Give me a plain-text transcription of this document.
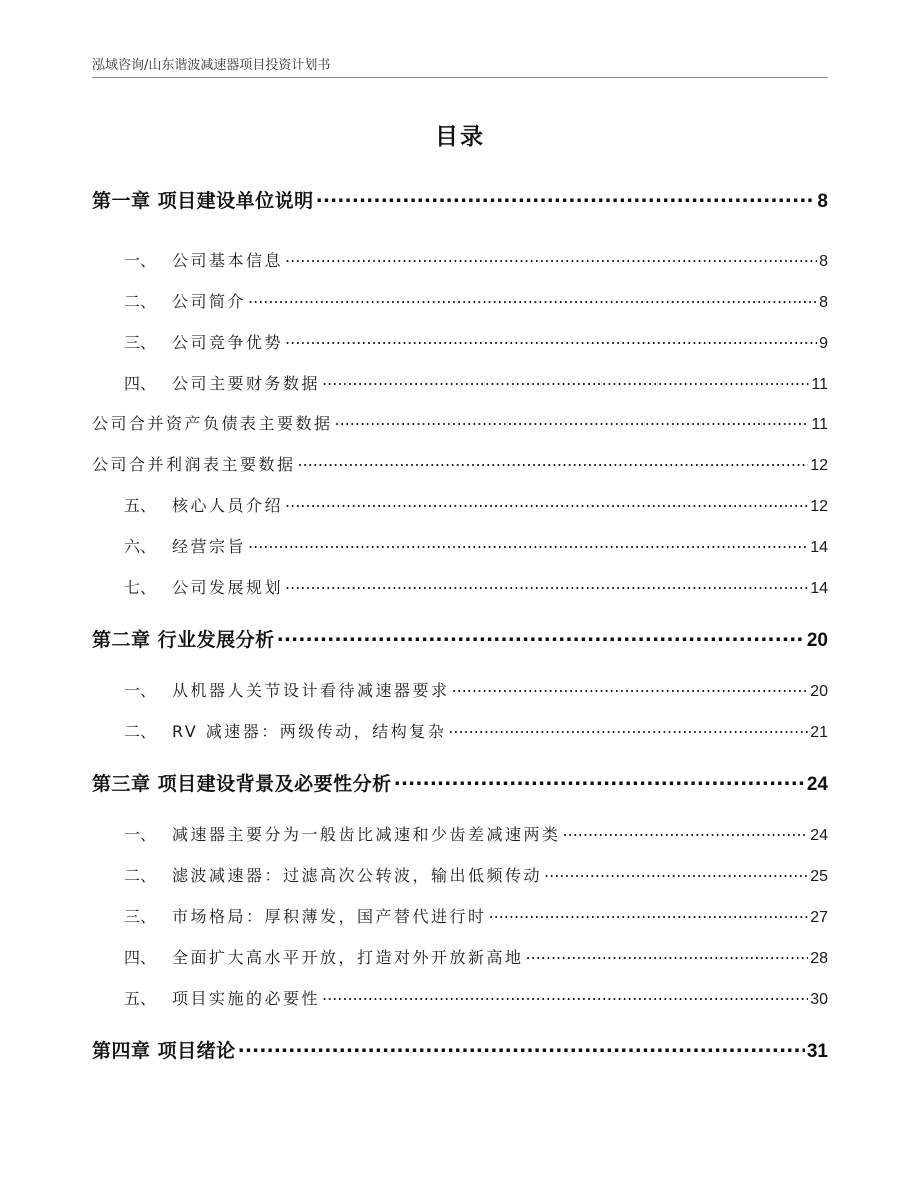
泓域咨询/山东谐波减速器项目投资计划书
目录
第一章 项目建设单位说明 .....	8
一、 公司基本信息 .....	8
二、 公司简介 .....	8
三、 公司竞争优势 .....	9
四、 公司主要财务数据 .....	11
公司合并资产负债表主要数据 .....	11
公司合并利润表主要数据 .....	12
五、 核心人员介绍 .....	12
六、 经营宗旨 .....	14
七、 公司发展规划 .....	14
第二章 行业发展分析 .....	20
一、 从机器人关节设计看待减速器要求 .....	20
二、 RV 减速器：两级传动，结构复杂 .....	21
第三章 项目建设背景及必要性分析 .....	24
一、 减速器主要分为一般齿比减速和少齿差减速两类 .....	24
二、 滤波减速器：过滤高次公转波，输出低频传动 .....	25
三、 市场格局：厚积薄发，国产替代进行时 .....	27
四、 全面扩大高水平开放，打造对外开放新高地 .....	28
五、 项目实施的必要性 .....	30
第四章 项目绪论 .....	31
